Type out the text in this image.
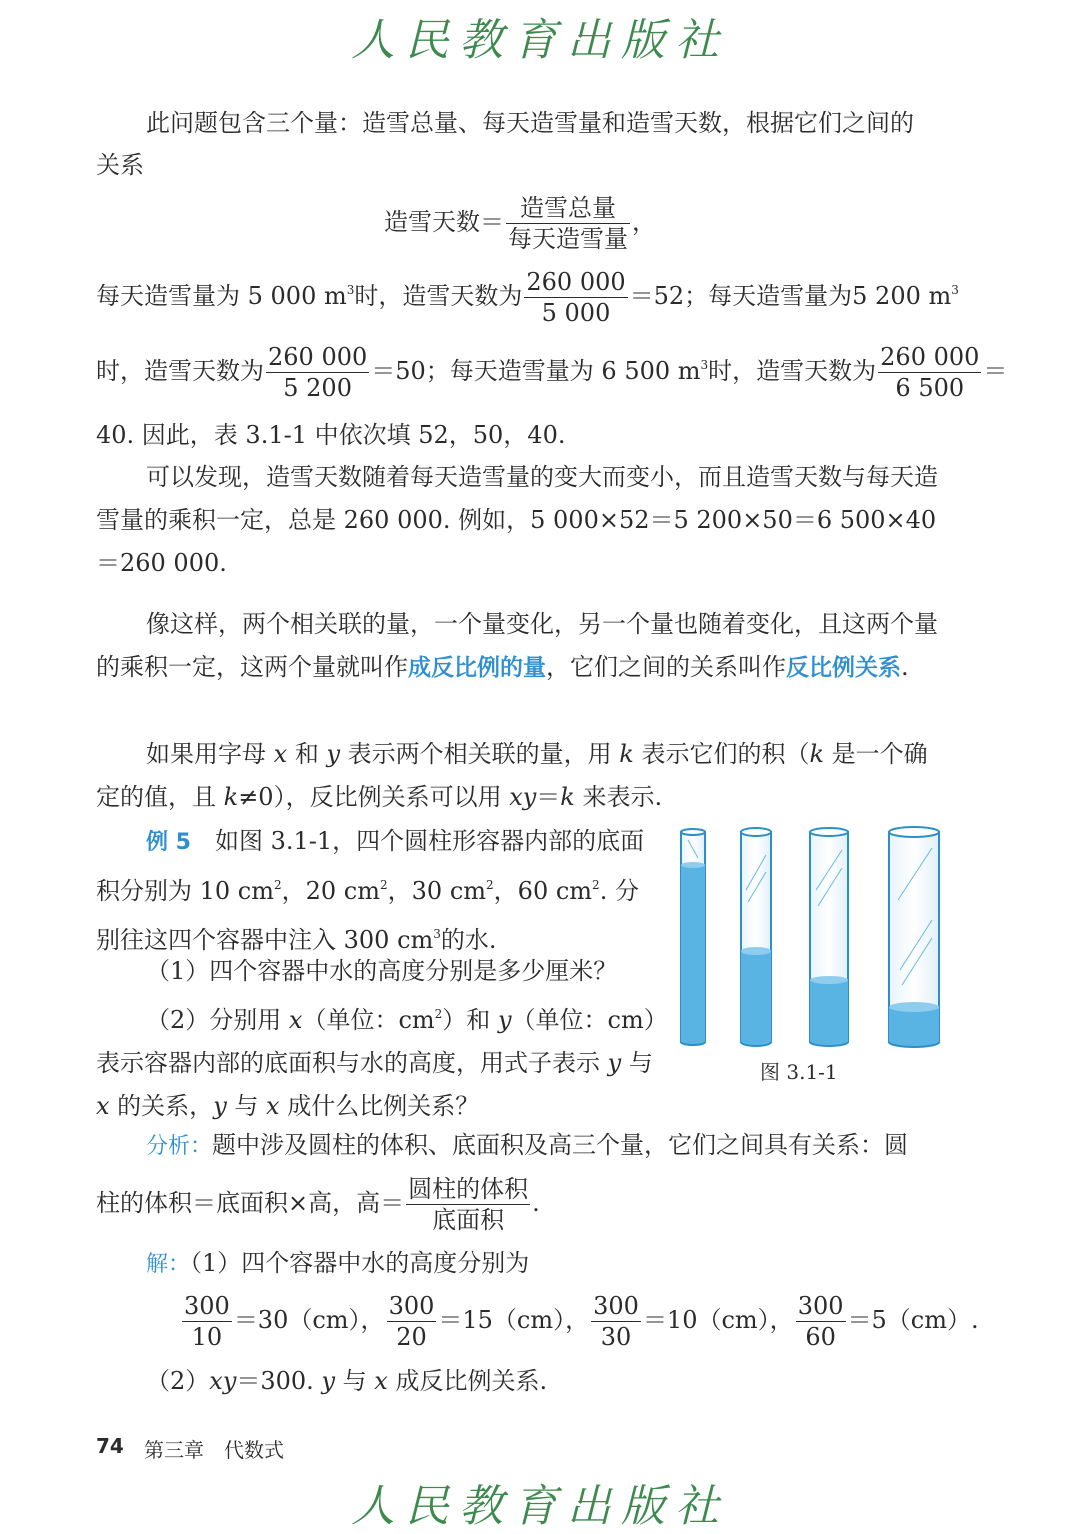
人民教育出版社
此问题包含三个量：造雪总量、每天造雪量和造雪天数，根据它们之间的
关系
造雪天数＝ $\frac{\text{造雪总量}}{\text{每天造雪量}}$ ，
每天造雪量为 5 000 $m^3$时，造雪天数为 $\frac{260 000}{5 000} =52$；每天造雪量为5 200 $m^3$
时，造雪天数为 $\frac{260 000}{5 200} =50$；每天造雪量为 6 500 $m^3$时，造雪天数为 $\frac{260 000}{6 500}$ ＝
40. 因此，表 3.1-1 中依次填 52，50，40.

可以发现，造雪天数随着每天造雪量的变大而变小，而且造雪天数与每天造雪量的乘积一定，总是 260 000. 例如，5 000×52＝5 200×50＝6 500×40＝260 000.

像这样，两个相关联的量，一个量变化，另一个量也随着变化，且这两个量的乘积一定，这两个量就叫作成反比例的量，它们之间的关系叫作反比例关系.

如果用字母 x 和 y 表示两个相关联的量，用 k 表示它们的积（k 是一个确定的值，且 k≠0），反比例关系可以用 xy＝k 来表示.

例 5　 如图 3.1-1，四个圆柱形容器内部的底面积分别为 10 $cm^2$，20 $cm^2$，30 $cm^2$，60 $cm^2$. 分别往这四个容器中注入 300 $cm^3$的水.

（1）四个容器中水的高度分别是多少厘米？

（2）分别用 x（单位：$cm^2$）和 y（单位：cm）表示容器内部的底面积与水的高度，用式子表示 y 与 x 的关系，y 与 x 成什么比例关系？

图 3.1-1
分析：题中涉及圆柱的体积、底面积及高三个量，它们之间具有关系：圆
柱的体积＝底面积×高，高＝ $\frac{\text{圆柱的体积}}{\text{底面积}}$ .
解：（1）四个容器中水的高度分别为
$\frac{300}{10} =30(cm)$， $\frac{300}{20} =15(cm)$， $\frac{300}{30} =10(cm)$， $\frac{300}{60} =5(cm)$.
（2）xy＝300. y 与 x 成反比例关系.
74 第三章　代数式
人民教育出版社
